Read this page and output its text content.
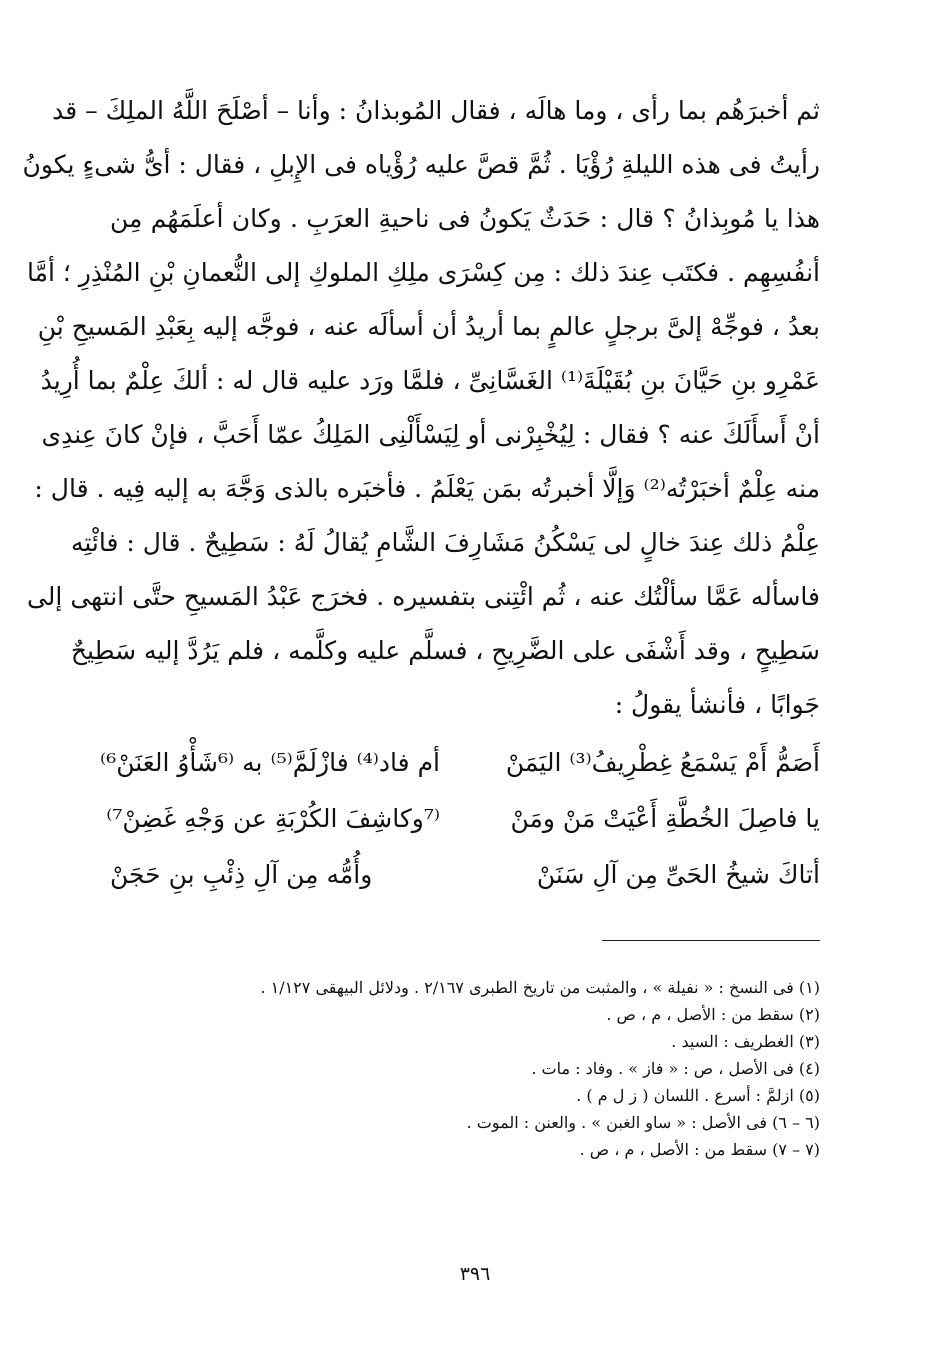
ثم أخبرَهُم بما رأى ، وما هالَه ، فقال المُوبذانُ : وأنا – أصْلَحَ اللَّهُ الملِكَ – قد
رأيتُ فى هذه الليلةِ رُؤْيَا . ثُمَّ قصَّ عليه رُؤْياه فى الإِبلِ ، فقال : أىُّ شىءٍ يكونُ
هذا يا مُوبِذانُ ؟ قال : حَدَثٌ يَكونُ فى ناحيةِ العرَبِ . وكان أعلَمَهُم مِن
أنفُسِهِم . فكتَب عِندَ ذلك : مِن كِسْرَى ملِكِ الملوكِ إلى النُّعمانِ بْنِ المُنْذِرِ ؛ أمَّا
بعدُ ، فوجِّهْ إلىَّ برجلٍ عالمٍ بما أريدُ أن أسألَه عنه ، فوجَّه إليه بِعَبْدِ المَسيحِ بْنِ
عَمْرِو بنِ حَيَّانَ بنِ بُقَيْلَةَ⁽¹⁾ الغَسَّانِىِّ ، فلمَّا ورَد عليه قال له : ألكَ عِلْمٌ بما أُرِيدُ
أنْ أَسأَلَكَ عنه ؟ فقال : لِيُخْبِرْنى أو لِيَسْأَلْنِى المَلِكُ عمّا أَحَبَّ ، فإنْ كانَ عِندِى
منه عِلْمٌ أخبَرْتُه⁽²⁾ وَإلَّا أخبرتُه بمَن يَعْلَمُ . فأخبَره بالذى وَجَّهَ به إليه فِيه . قال :
عِلْمُ ذلك عِندَ خالٍ لى يَسْكُنُ مَشَارِفَ الشَّامِ يُقالُ لَهُ : سَطِيحٌ . قال : فائْتِه
فاسأله عَمَّا سألْتُك عنه ، ثُم ائْتِنى بتفسيره . فخرَج عَبْدُ المَسيحِ حتَّى انتهى إلى
سَطِيحٍ ، وقد أَشْفَى على الضَّرِيحِ ، فسلَّم عليه وكلَّمه ، فلم يَرُدَّ إليه سَطِيحٌ
جَوابًا ، فأنشأ يقولُ :
أَصَمُّ أَمْ يَسْمَعُ غِطْرِيفُ⁽³⁾ اليَمَنْ
أم فاد⁽⁴⁾ فازْلَمَّ⁽⁵⁾ به ⁽⁶شَأْوُ العَنَنْ⁶⁾
يا فاصِلَ الخُطَّةِ أَعْيَتْ مَنْ ومَنْ
⁽⁷وكاشِفَ الكُرْبَةِ عن وَجْهِ غَضِنْ⁷⁾
أتاكَ شيخُ الحَىِّ مِن آلِ سَنَنْ
وأُمُّه مِن آلِ ذِئْبِ بنِ حَجَنْ
(١) فى النسخ : « نفيلة » ، والمثبت من تاريخ الطبرى ٢/١٦٧ . ودلائل البيهقى ١/١٢٧ .
(٢) سقط من : الأصل ، م ، ص .
(٣) الغطريف : السيد .
(٤) فى الأصل ، ص : « فاز » . وفاد : مات .
(٥) ازلمَّ : أسرع . اللسان ( ز ل م ) .
(٦ – ٦) فى الأصل : « ساو الغبن » . والعنن : الموت .
(٧ – ٧) سقط من : الأصل ، م ، ص .
٣٩٦
